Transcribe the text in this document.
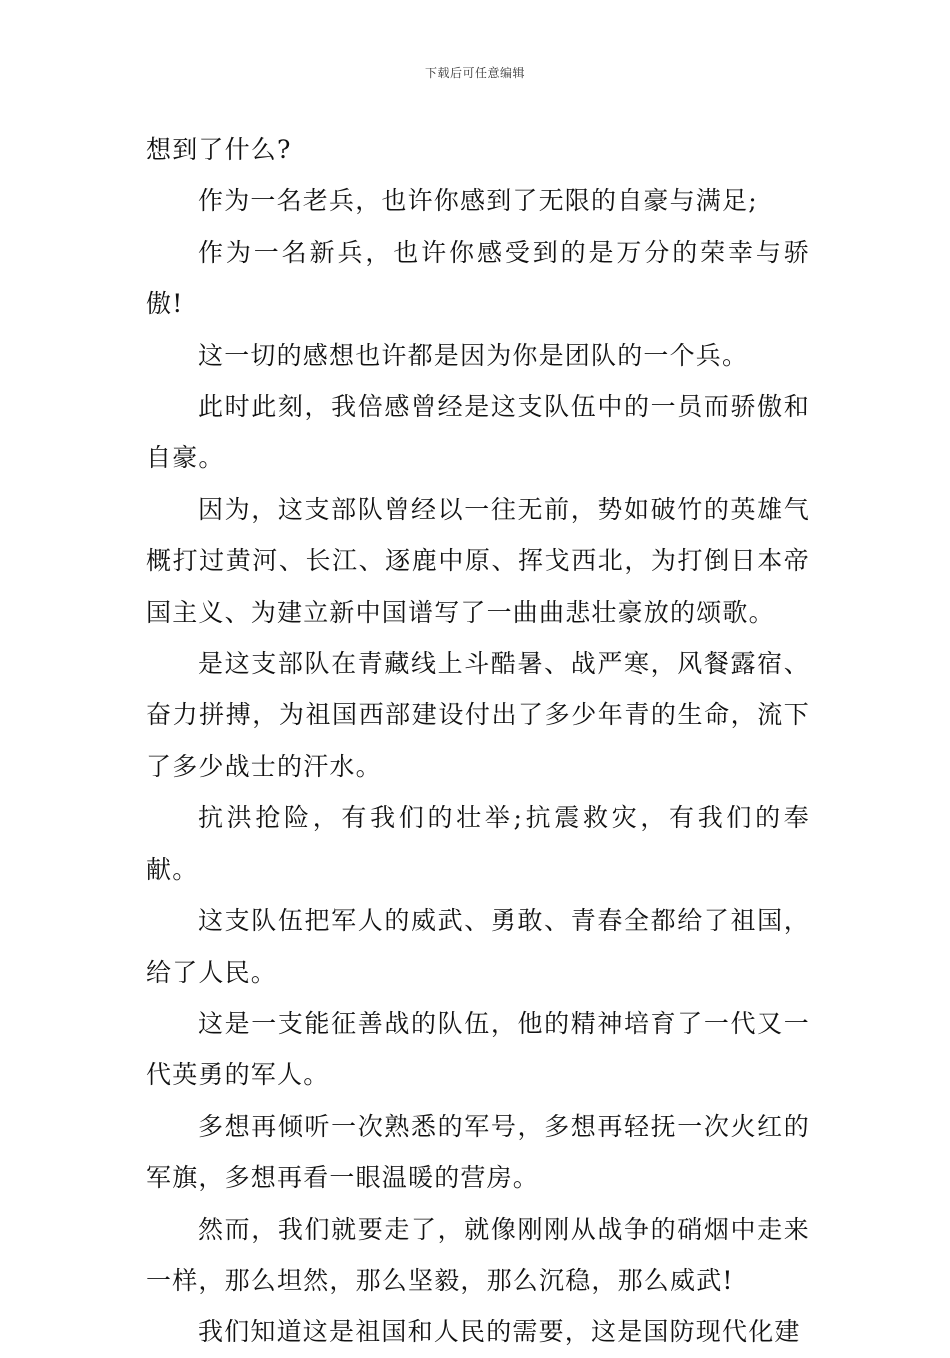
下载后可任意编辑

想到了什么?

作为一名老兵，也许你感到了无限的自豪与满足;

作为一名新兵，也许你感受到的是万分的荣幸与骄傲!

这一切的感想也许都是因为你是团队的一个兵。

此时此刻，我倍感曾经是这支队伍中的一员而骄傲和自豪。

因为，这支部队曾经以一往无前，势如破竹的英雄气概打过黄河、长江、逐鹿中原、挥戈西北，为打倒日本帝国主义、为建立新中国谱写了一曲曲悲壮豪放的颂歌。

是这支部队在青藏线上斗酷暑、战严寒，风餐露宿、奋力拼搏，为祖国西部建设付出了多少年青的生命，流下了多少战士的汗水。

抗洪抢险，有我们的壮举;抗震救灾，有我们的奉献。

这支队伍把军人的威武、勇敢、青春全都给了祖国，给了人民。

这是一支能征善战的队伍，他的精神培育了一代又一代英勇的军人。

多想再倾听一次熟悉的军号，多想再轻抚一次火红的军旗，多想再看一眼温暖的营房。

然而，我们就要走了，就像刚刚从战争的硝烟中走来一样，那么坦然，那么坚毅，那么沉稳，那么威武!

我们知道这是祖国和人民的需要，这是国防现代化建
